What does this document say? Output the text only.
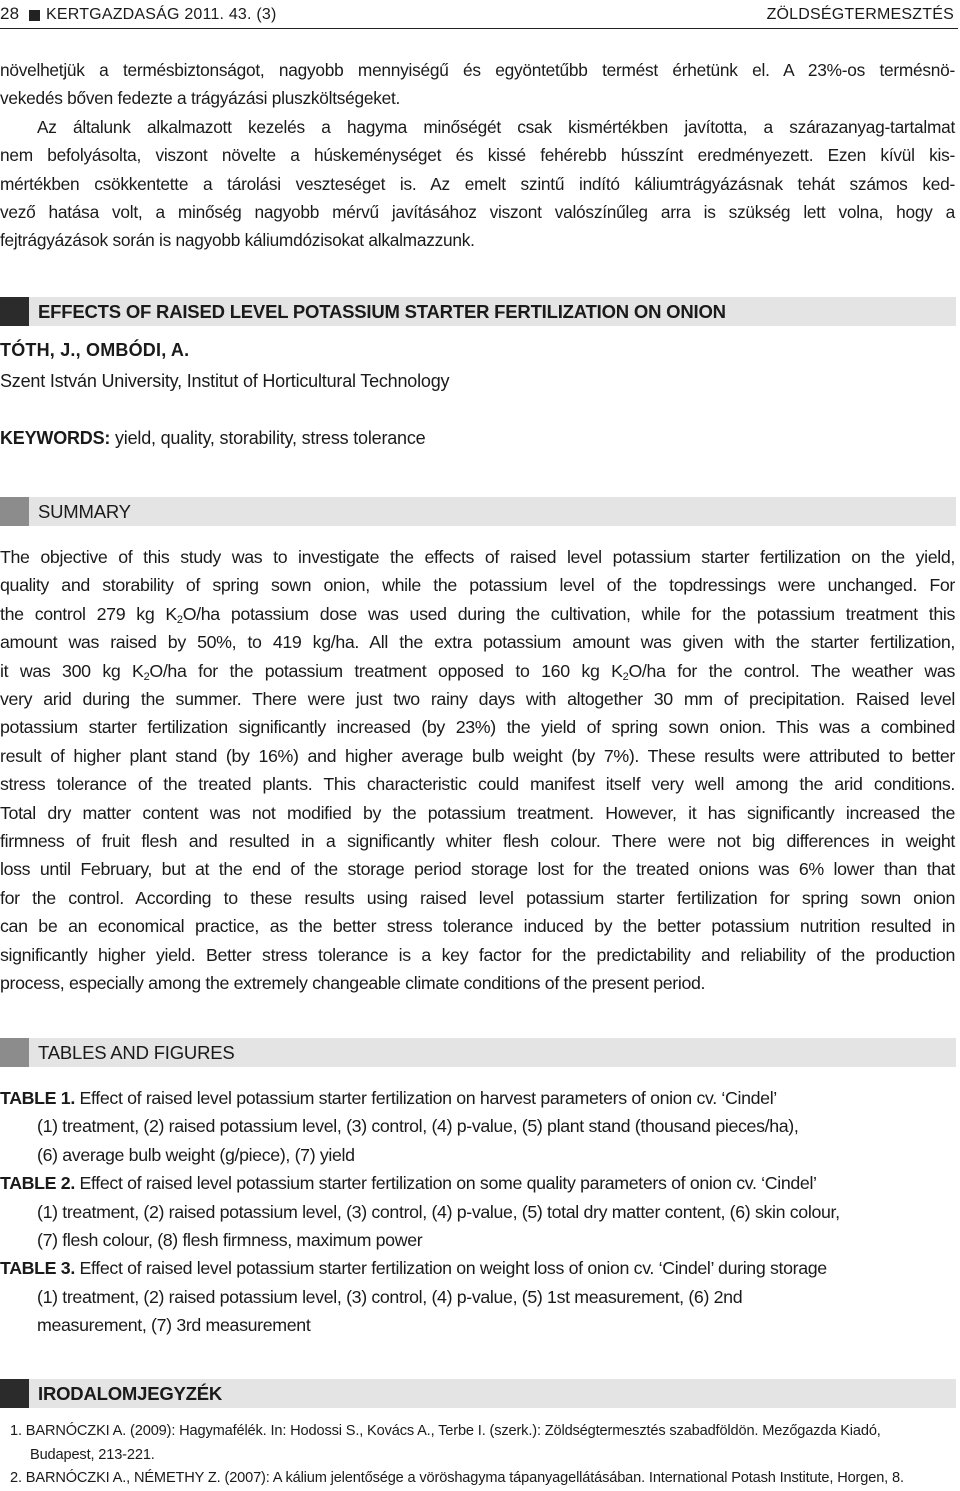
28 KERTGAZDASÁG 2011. 43. (3)	ZÖLDSÉGTERMESZTÉS
növelhetjük a termésbiztonságot, nagyobb mennyiségű és egyöntetűbb termést érhetünk el. A 23%-os termésnö-
vekedés bőven fedezte a trágyázási pluszköltségeket.
Az általunk alkalmazott kezelés a hagyma minőségét csak kismértékben javította, a szárazanyag-tartalmat
nem befolyásolta, viszont növelte a húskeménységet és kissé fehérebb hússzínt eredményezett. Ezen kívül kis-
mértékben csökkentette a tárolási veszteséget is. Az emelt szintű indító káliumtrágyázásnak tehát számos ked-
vező hatása volt, a minőség nagyobb mérvű javításához viszont valószínűleg arra is szükség lett volna, hogy a
fejtrágyázások során is nagyobb káliumdózisokat alkalmazzunk.
EFFECTS OF RAISED LEVEL POTASSIUM STARTER FERTILIZATION ON ONION
TÓTH, J., OMBÓDI, A.
Szent István University, Institut of Horticultural Technology
KEYWORDS: yield, quality, storability, stress tolerance
SUMMARY
The objective of this study was to investigate the effects of raised level potassium starter fertilization on the yield,
quality and storability of spring sown onion, while the potassium level of the topdressings were unchanged. For
the control 279 kg $K_2O/ha$ potassium dose was used during the cultivation, while for the potassium treatment this
amount was raised by 50%, to 419 kg/ha. All the extra potassium amount was given with the starter fertilization,
it was 300 kg $K_2O/ha$ for the potassium treatment opposed to 160 kg $K_2O/ha$ for the control. The weather was
very arid during the summer. There were just two rainy days with altogether 30 mm of precipitation. Raised level
potassium starter fertilization significantly increased (by 23%) the yield of spring sown onion. This was a combined
result of higher plant stand (by 16%) and higher average bulb weight (by 7%). These results were attributed to better
stress tolerance of the treated plants. This characteristic could manifest itself very well among the arid conditions.
Total dry matter content was not modified by the potassium treatment. However, it has significantly increased the
firmness of fruit flesh and resulted in a significantly whiter flesh colour. There were not big differences in weight
loss until February, but at the end of the storage period storage lost for the treated onions was 6% lower than that
for the control. According to these results using raised level potassium starter fertilization for spring sown onion
can be an economical practice, as the better stress tolerance induced by the better potassium nutrition resulted in
significantly higher yield. Better stress tolerance is a key factor for the predictability and reliability of the production
process, especially among the extremely changeable climate conditions of the present period.
TABLES AND FIGURES
TABLE 1. Effect of raised level potassium starter fertilization on harvest parameters of onion cv. ‘Cindel’
(1) treatment, (2) raised potassium level, (3) control, (4) p-value, (5) plant stand (thousand pieces/ha),
(6) average bulb weight (g/piece), (7) yield
TABLE 2. Effect of raised level potassium starter fertilization on some quality parameters of onion cv. ‘Cindel’
(1) treatment, (2) raised potassium level, (3) control, (4) p-value, (5) total dry matter content, (6) skin colour,
(7) flesh colour, (8) flesh firmness, maximum power
TABLE 3. Effect of raised level potassium starter fertilization on weight loss of onion cv. ‘Cindel’ during storage
(1) treatment, (2) raised potassium level, (3) control, (4) p-value, (5) 1st measurement, (6) 2nd
measurement, (7) 3rd measurement
IRODALOMJEGYZÉK
1. BARNÓCZKI A. (2009): Hagymafélék. In: Hodossi S., Kovács A., Terbe I. (szerk.): Zöldségtermesztés szabadföldön. Mezőgazda Kiadó,
Budapest, 213-221.
2. BARNÓCZKI A., NÉMETHY Z. (2007): A kálium jelentősége a vöröshagyma tápanyagellátásában. International Potash Institute, Horgen, 8.
